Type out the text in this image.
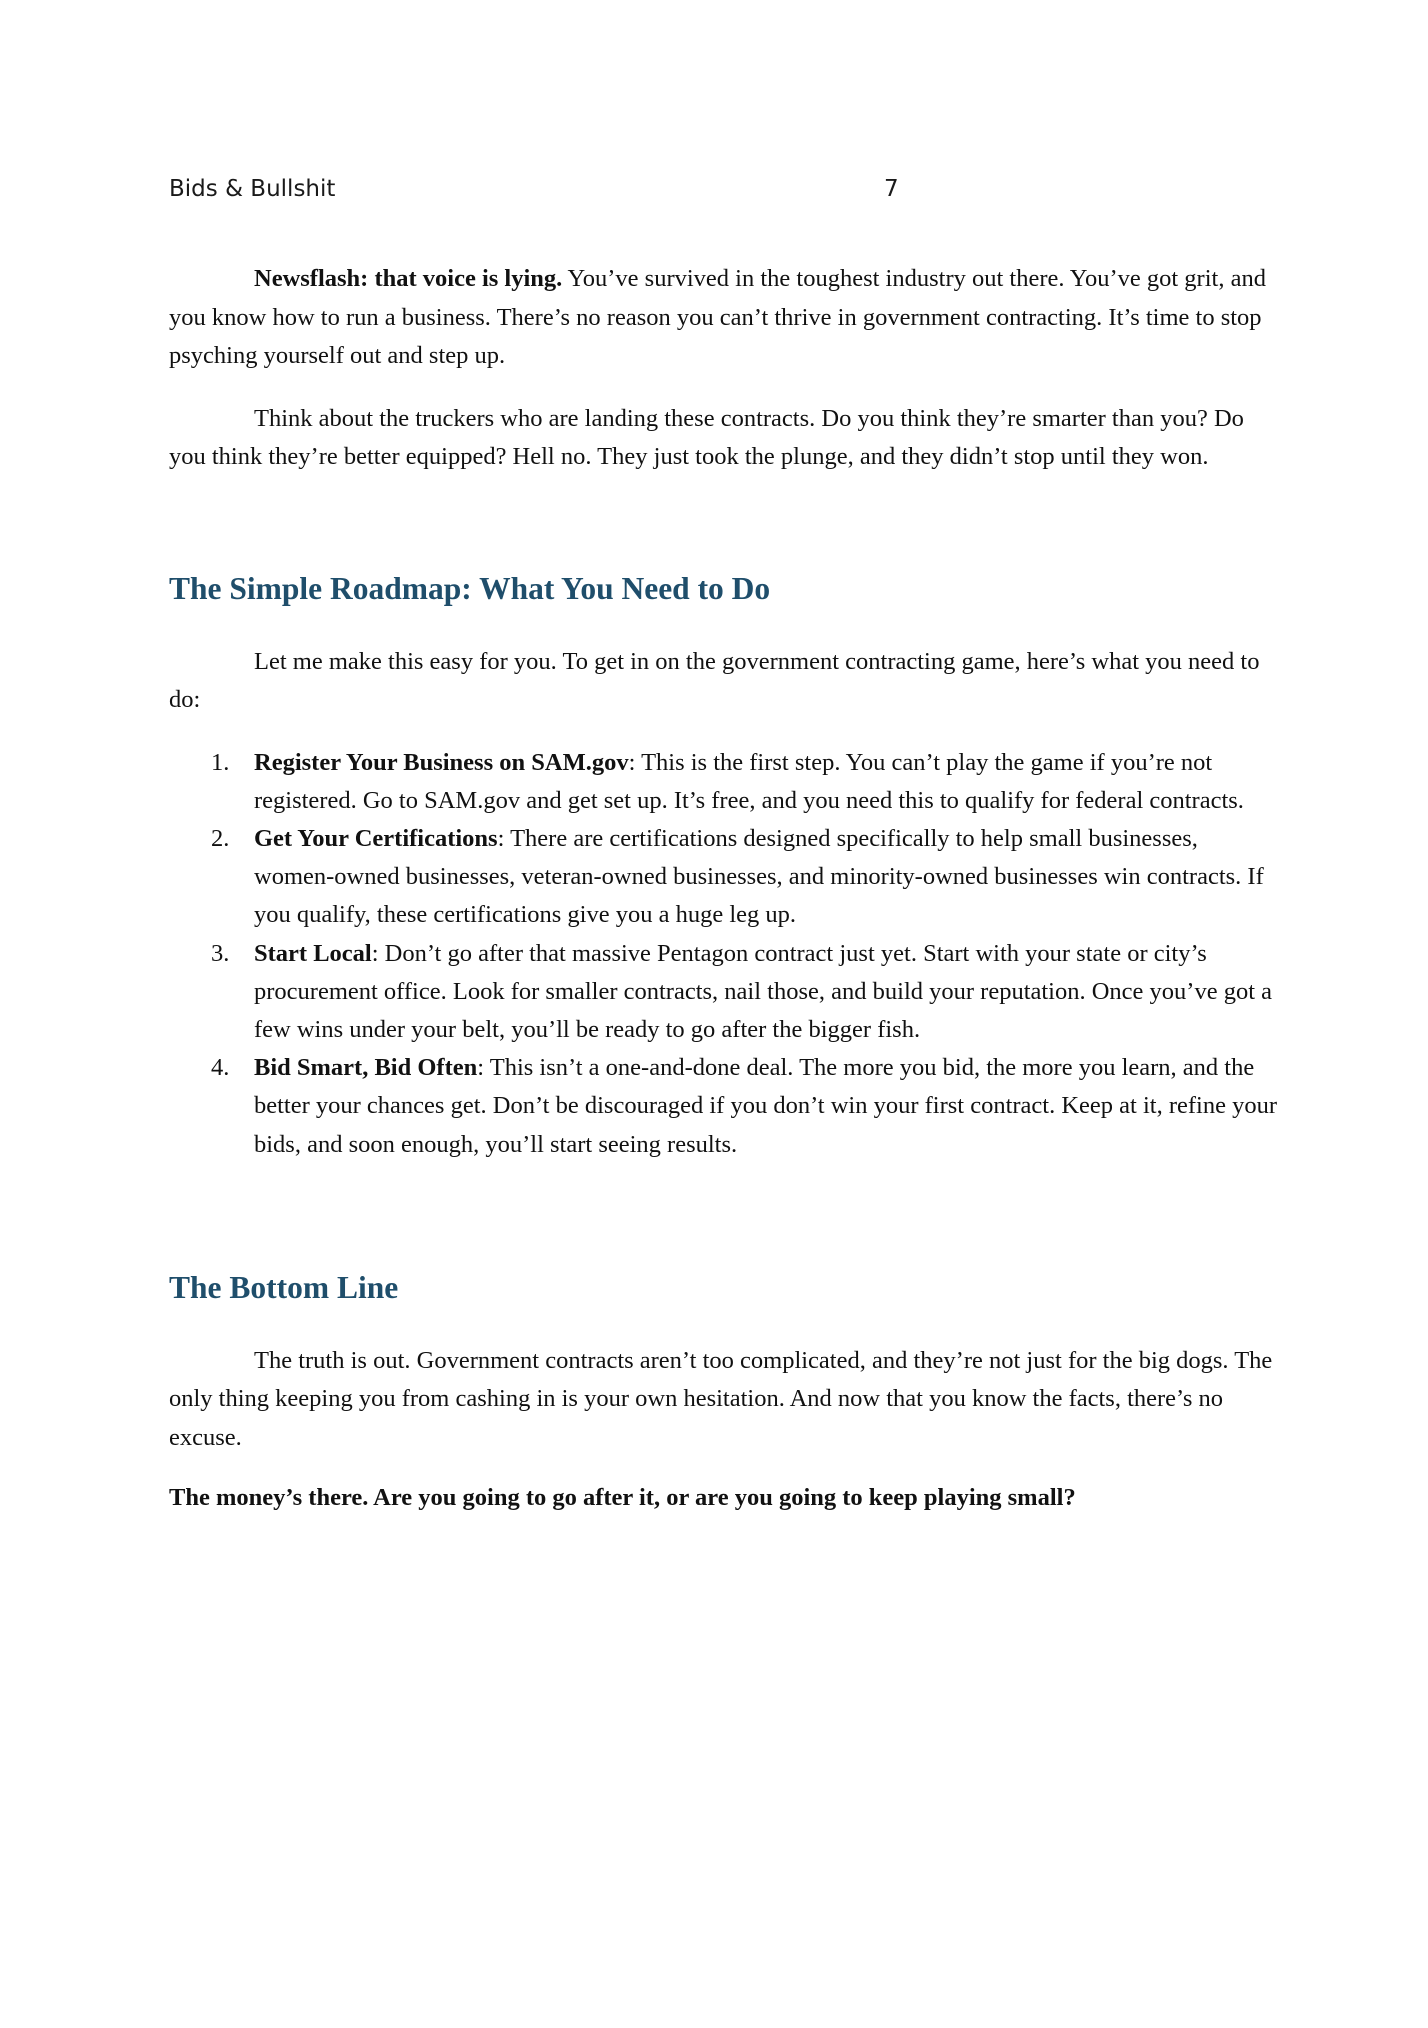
Bids & Bullshit	7

Newsflash: that voice is lying. You’ve survived in the toughest industry out there. You’ve got grit, and you know how to run a business. There’s no reason you can’t thrive in government contracting. It’s time to stop psyching yourself out and step up.

Think about the truckers who are landing these contracts. Do you think they’re smarter than you? Do you think they’re better equipped? Hell no. They just took the plunge, and they didn’t stop until they won.

The Simple Roadmap: What You Need to Do

Let me make this easy for you. To get in on the government contracting game, here’s what you need to do:

1. Register Your Business on SAM.gov: This is the first step. You can’t play the game if you’re not registered. Go to SAM.gov and get set up. It’s free, and you need this to qualify for federal contracts.
2. Get Your Certifications: There are certifications designed specifically to help small businesses, women-owned businesses, veteran-owned businesses, and minority-owned businesses win contracts. If you qualify, these certifications give you a huge leg up.
3. Start Local: Don’t go after that massive Pentagon contract just yet. Start with your state or city’s procurement office. Look for smaller contracts, nail those, and build your reputation. Once you’ve got a few wins under your belt, you’ll be ready to go after the bigger fish.
4. Bid Smart, Bid Often: This isn’t a one-and-done deal. The more you bid, the more you learn, and the better your chances get. Don’t be discouraged if you don’t win your first contract. Keep at it, refine your bids, and soon enough, you’ll start seeing results.
The Bottom Line

The truth is out. Government contracts aren’t too complicated, and they’re not just for the big dogs. The only thing keeping you from cashing in is your own hesitation. And now that you know the facts, there’s no excuse.

The money’s there. Are you going to go after it, or are you going to keep playing small?
